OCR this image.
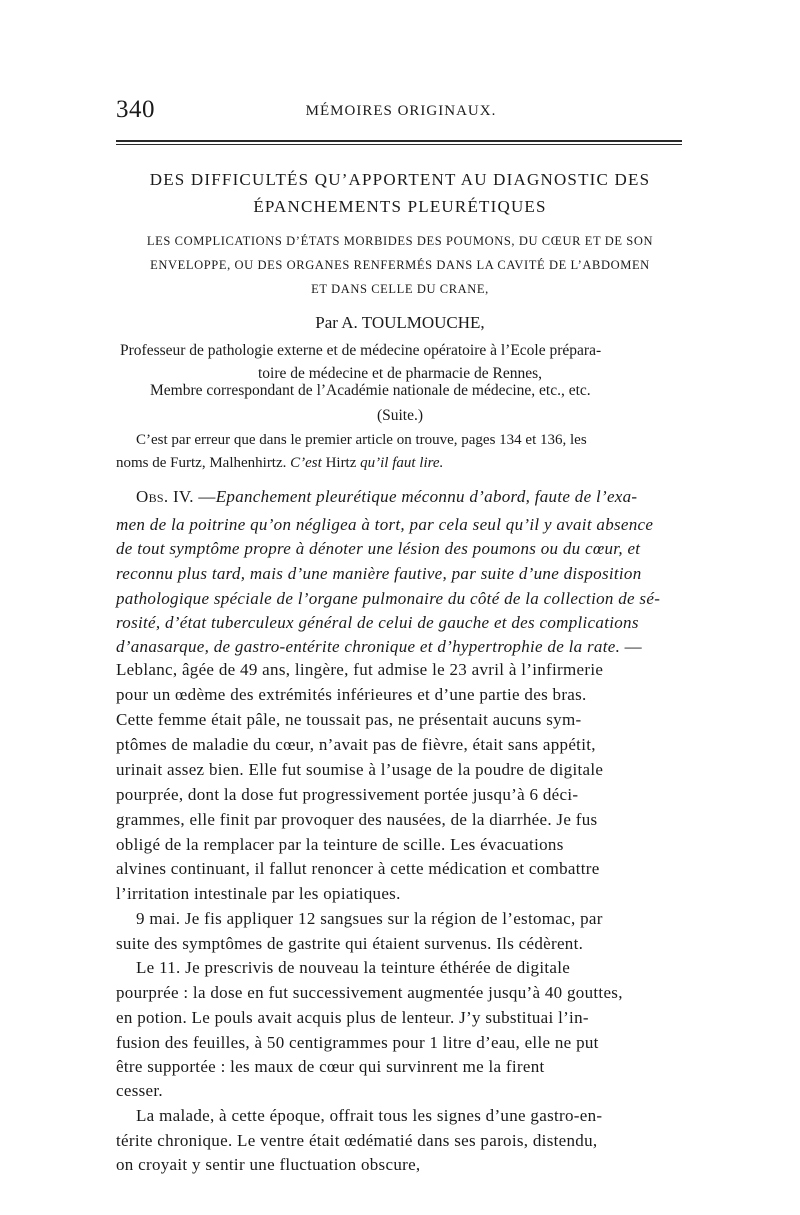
340	MÉMOIRES ORIGINAUX.
DES DIFFICULTÉS QU’APPORTENT AU DIAGNOSTIC DES
ÉPANCHEMENTS PLEURÉTIQUES
LES COMPLICATIONS D’ÉTATS MORBIDES DES POUMONS, DU CŒUR ET DE SON
ENVELOPPE, OU DES ORGANES RENFERMÉS DANS LA CAVITÉ DE L’ABDOMEN
ET DANS CELLE DU CRANE,
Par A. TOULMOUCHE,
Professeur de pathologie externe et de médecine opératoire à l’Ecole prépara-
toire de médecine et de pharmacie de Rennes,
Membre correspondant de l’Académie nationale de médecine, etc., etc.
(Suite.)
C’est par erreur que dans le premier article on trouve, pages 134 et 136, les
noms de Furtz, Malhenhirtz. C’est Hirtz qu’il faut lire.
Obs. IV. —Epanchement pleurétique méconnu d’abord, faute de l’exa-
men de la poitrine qu’on négligea à tort, par cela seul qu’il y avait absence
de tout symptôme propre à dénoter une lésion des poumons ou du cœur, et
reconnu plus tard, mais d’une manière fautive, par suite d’une disposition
pathologique spéciale de l’organe pulmonaire du côté de la collection de sé-
rosité, d’état tuberculeux général de celui de gauche et des complications
d’anasarque, de gastro-entérite chronique et d’hypertrophie de la rate. —
Leblanc, âgée de 49 ans, lingère, fut admise le 23 avril à l’infirmerie
pour un œdème des extrémités inférieures et d’une partie des bras.
Cette femme était pâle, ne toussait pas, ne présentait aucuns sym-
ptômes de maladie du cœur, n’avait pas de fièvre, était sans appétit,
urinait assez bien. Elle fut soumise à l’usage de la poudre de digitale
pourprée, dont la dose fut progressivement portée jusqu’à 6 déci-
grammes, elle finit par provoquer des nausées, de la diarrhée. Je fus
obligé de la remplacer par la teinture de scille. Les évacuations
alvines continuant, il fallut renoncer à cette médication et combattre
l’irritation intestinale par les opiatiques.
9 mai. Je fis appliquer 12 sangsues sur la région de l’estomac, par
suite des symptômes de gastrite qui étaient survenus. Ils cédèrent.
Le 11. Je prescrivis de nouveau la teinture éthérée de digitale
pourprée : la dose en fut successivement augmentée jusqu’à 40 gouttes,
en potion. Le pouls avait acquis plus de lenteur. J’y substituai l’in-
fusion des feuilles, à 50 centigrammes pour 1 litre d’eau, elle ne put
être supportée : les maux de cœur qui survinrent me la firent
cesser.
La malade, à cette époque, offrait tous les signes d’une gastro-en-
térite chronique. Le ventre était œdématié dans ses parois, distendu,
on croyait y sentir une fluctuation obscure,
